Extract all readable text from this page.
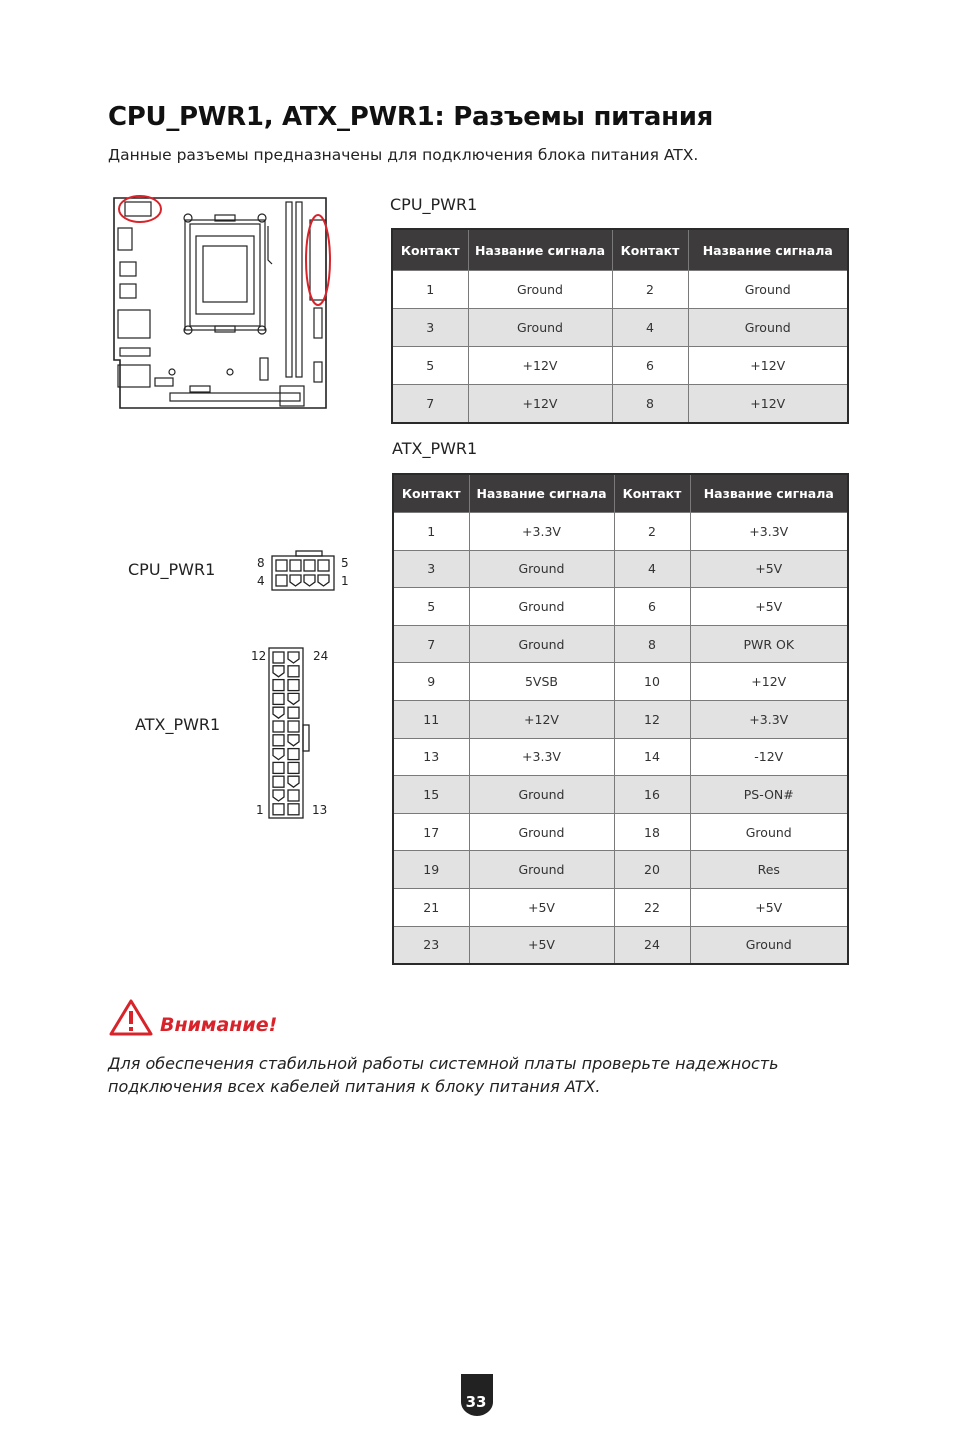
CPU_PWR1, ATX_PWR1: Разъемы питания

Данные разъемы предназначены для подключения блока питания ATX.

CPU_PWR1
Контакт	Название сигнала	Контакт	Название сигнала
1	Ground	2	Ground
3	Ground	4	Ground
5	+12V	6	+12V
7	+12V	8	+12V
ATX_PWR1
Контакт	Название сигнала	Контакт	Название сигнала
1	+3.3V	2	+3.3V
3	Ground	4	+5V
5	Ground	6	+5V
7	Ground	8	PWR OK
9	5VSB	10	+12V
11	+12V	12	+3.3V
13	+3.3V	14	-12V
15	Ground	16	PS-ON#
17	Ground	18	Ground
19	Ground	20	Res
21	+5V	22	+5V
23	+5V	24	Ground
CPU_PWR1	8
4
5
1
ATX_PWR1
12	24
1	13
Внимание!

Для обеспечения стабильной работы системной платы проверьте надежность подключения всех кабелей питания к блоку питания ATX.

33
